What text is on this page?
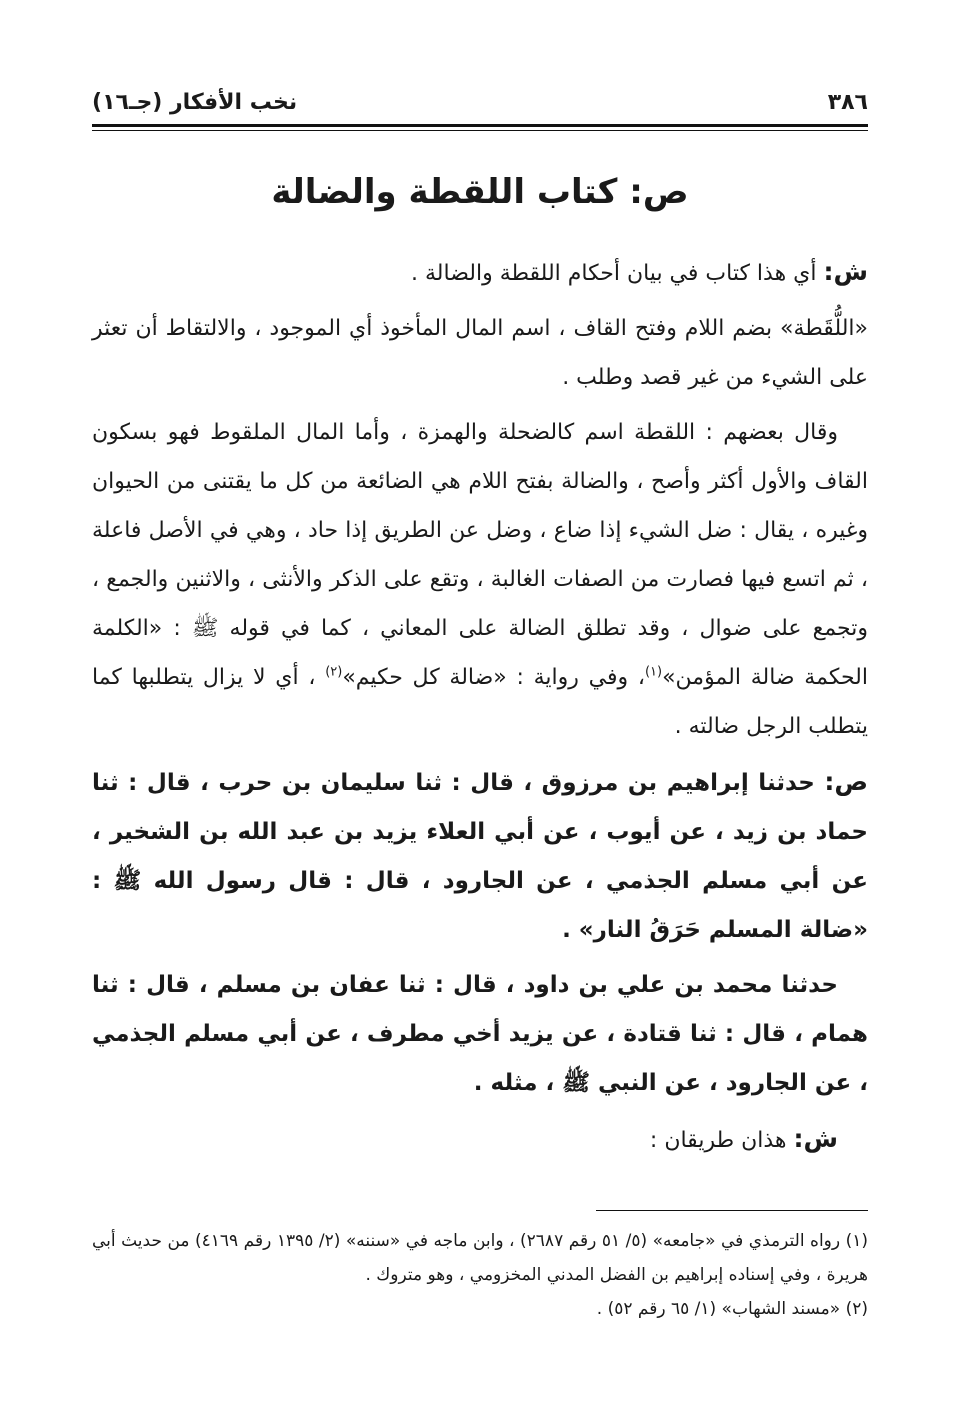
٣٨٦
نخب الأفكار (جـ١٦)
ص: كتاب اللقطة والضالة

ش: أي هذا كتاب في بيان أحكام اللقطة والضالة .

«اللُّقَطة» بضم اللام وفتح القاف ، اسم المال المأخوذ أي الموجود ، والالتقاط أن تعثر على الشيء من غير قصد وطلب .

وقال بعضهم : اللقطة اسم كالضحلة والهمزة ، وأما المال الملقوط فهو بسكون القاف والأول أكثر وأصح ، والضالة بفتح اللام هي الضائعة من كل ما يقتنى من الحيوان وغيره ، يقال : ضل الشيء إذا ضاع ، وضل عن الطريق إذا حاد ، وهي في الأصل فاعلة ، ثم اتسع فيها فصارت من الصفات الغالبة ، وتقع على الذكر والأنثى ، والاثنين والجمع ، وتجمع على ضوال ، وقد تطلق الضالة على المعاني ، كما في قوله ﷺ : «الكلمة الحكمة ضالة المؤمن»$^{(١)}$، وفي رواية : «ضالة كل حكيم»$^{(٢)}$ ، أي لا يزال يتطلبها كما يتطلب الرجل ضالته .

ص: حدثنا إبراهيم بن مرزوق ، قال : ثنا سليمان بن حرب ، قال : ثنا حماد بن زيد ، عن أيوب ، عن أبي العلاء يزيد بن عبد الله بن الشخير ، عن أبي مسلم الجذمي ، عن الجارود ، قال : قال رسول الله ﷺ : «ضالة المسلم حَرَقُ النار» .

حدثنا محمد بن علي بن داود ، قال : ثنا عفان بن مسلم ، قال : ثنا همام ، قال : ثنا قتادة ، عن يزيد أخي مطرف ، عن أبي مسلم الجذمي ، عن الجارود ، عن النبي ﷺ ، مثله .

ش: هذان طريقان :

(١) رواه الترمذي في «جامعه» (٥/ ٥١ رقم ٢٦٨٧) ، وابن ماجه في «سننه» (٢/ ١٣٩٥ رقم ٤١٦٩) من حديث أبي هريرة ، وفي إسناده إبراهيم بن الفضل المدني المخزومي ، وهو متروك .

(٢) «مسند الشهاب» (١/ ٦٥ رقم ٥٢) .
